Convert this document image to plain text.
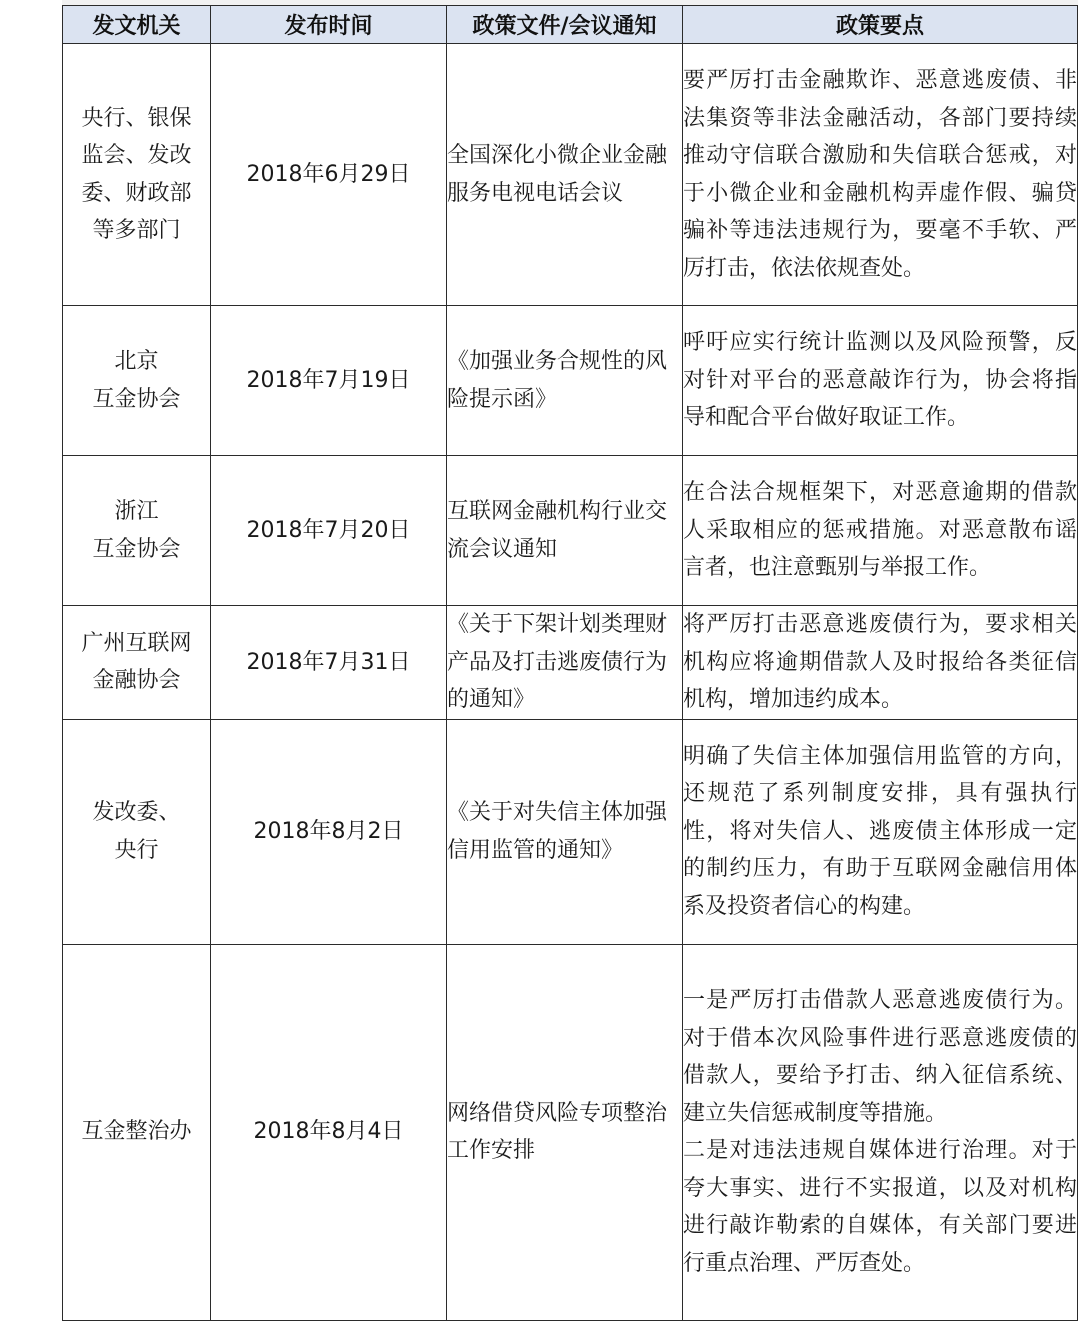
发文机关	发布时间	政策文件/会议通知	政策要点
央行、银保
监会、发改
委、财政部
等多部门	2018年6月29日	全国深化小微企业金融服务电视电话会议	要严厉打击金融欺诈、恶意逃废债、非法集资等非法金融活动，各部门要持续推动守信联合激励和失信联合惩戒，对于小微企业和金融机构弄虚作假、骗贷骗补等违法违规行为，要毫不手软、严厉打击，依法依规查处。
北京
互金协会	2018年7月19日	《加强业务合规性的风险提示函》	呼吁应实行统计监测以及风险预警，反对针对平台的恶意敲诈行为，协会将指导和配合平台做好取证工作。
浙江
互金协会	2018年7月20日	互联网金融机构行业交流会议通知	在合法合规框架下，对恶意逾期的借款人采取相应的惩戒措施。对恶意散布谣言者，也注意甄别与举报工作。
广州互联网
金融协会	2018年7月31日	《关于下架计划类理财产品及打击逃废债行为的通知》	将严厉打击恶意逃废债行为，要求相关机构应将逾期借款人及时报给各类征信机构，增加违约成本。
发改委、
央行	2018年8月2日	《关于对失信主体加强信用监管的通知》	明确了失信主体加强信用监管的方向，还规范了系列制度安排，具有强执行性，将对失信人、逃废债主体形成一定的制约压力，有助于互联网金融信用体系及投资者信心的构建。
互金整治办	2018年8月4日	网络借贷风险专项整治工作安排	一是严厉打击借款人恶意逃废债行为。对于借本次风险事件进行恶意逃废债的借款人，要给予打击、纳入征信系统、建立失信惩戒制度等措施。
二是对违法违规自媒体进行治理。对于夸大事实、进行不实报道，以及对机构进行敲诈勒索的自媒体，有关部门要进行重点治理、严厉查处。
